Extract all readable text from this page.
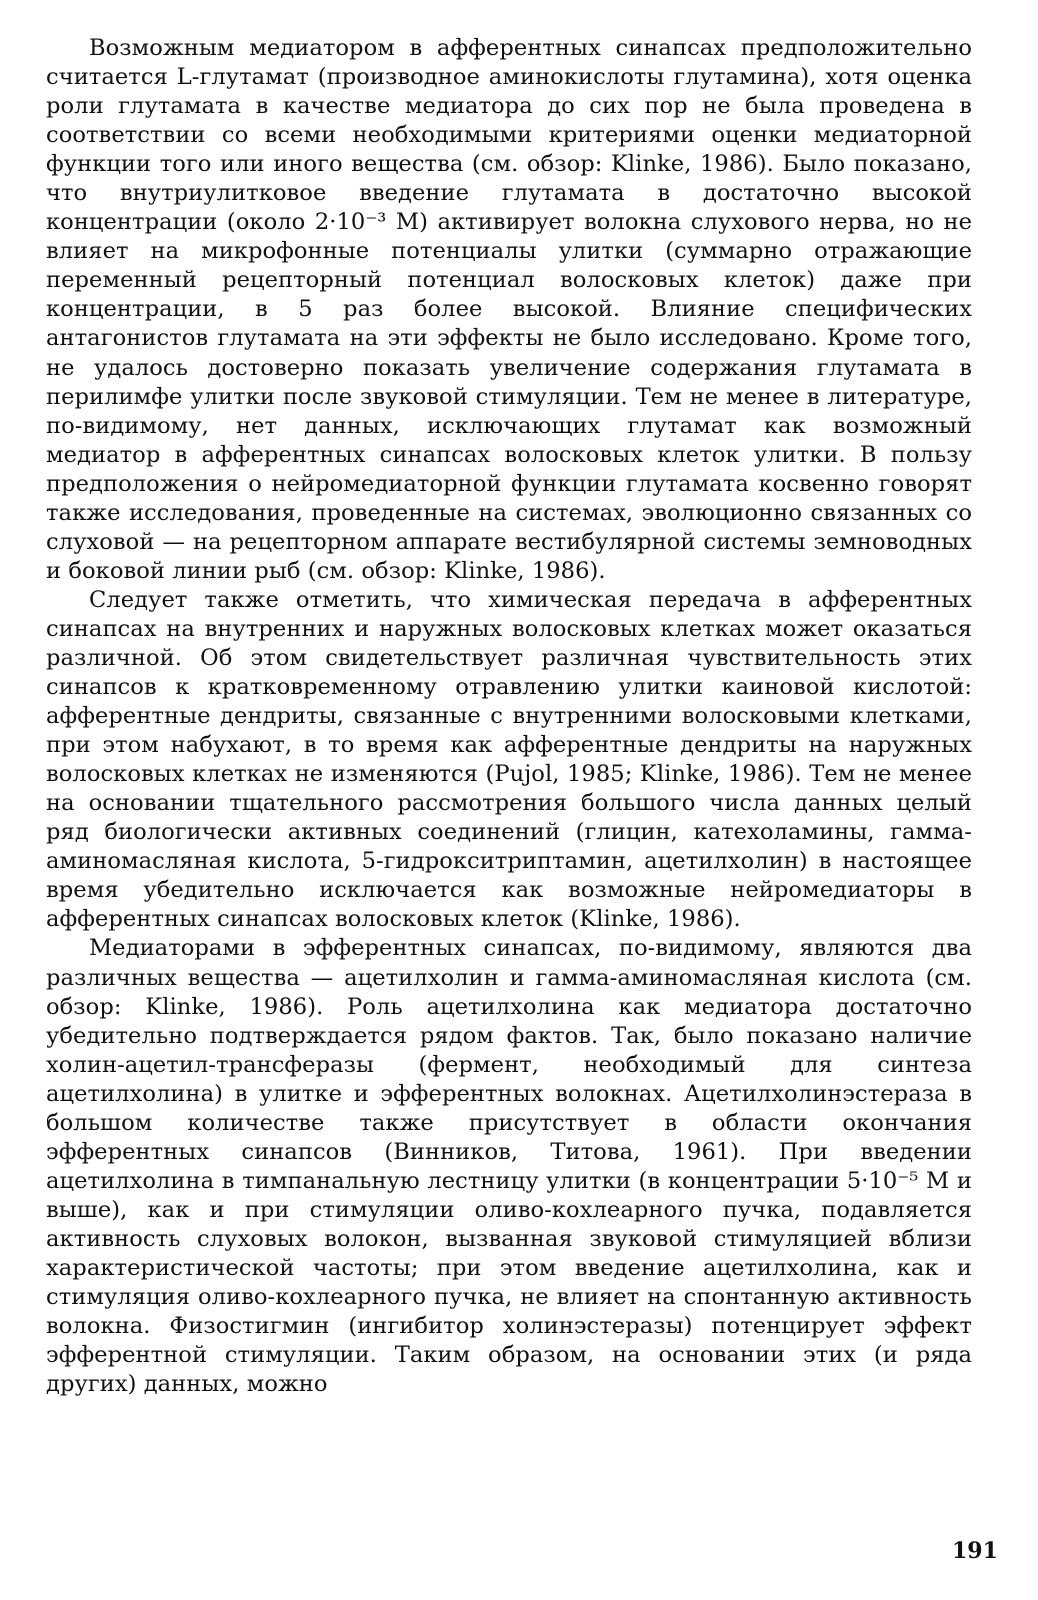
Возможным медиатором в афферентных синапсах предположительно считается L-глутамат (производное аминокислоты глутамина), хотя оценка роли глутамата в качестве медиатора до сих пор не была проведена в соответствии со всеми необходимыми критериями оценки медиаторной функции того или иного вещества (см. обзор: Klinke, 1986). Было показано, что внутриулитковое введение глутамата в достаточно высокой концентрации (около 2·10⁻³ М) активирует волокна слухового нерва, но не влияет на микрофонные потенциалы улитки (суммарно отражающие переменный рецепторный потенциал волосковых клеток) даже при концентрации, в 5 раз более высокой. Влияние специфических антагонистов глутамата на эти эффекты не было исследовано. Кроме того, не удалось достоверно показать увеличение содержания глутамата в перилимфе улитки после звуковой стимуляции. Тем не менее в литературе, по-видимому, нет данных, исключающих глутамат как возможный медиатор в афферентных синапсах волосковых клеток улитки. В пользу предположения о нейромедиаторной функции глутамата косвенно говорят также исследования, проведенные на системах, эволюционно связанных со слуховой — на рецепторном аппарате вестибулярной системы земноводных и боковой линии рыб (см. обзор: Klinke, 1986).

Следует также отметить, что химическая передача в афферентных синапсах на внутренних и наружных волосковых клетках может оказаться различной. Об этом свидетельствует различная чувствительность этих синапсов к кратковременному отравлению улитки каиновой кислотой: афферентные дендриты, связанные с внутренними волосковыми клетками, при этом набухают, в то время как афферентные дендриты на наружных волосковых клетках не изменяются (Pujol, 1985; Klinke, 1986). Тем не менее на основании тщательного рассмотрения большого числа данных целый ряд биологически активных соединений (глицин, катехоламины, гамма-аминомасляная кислота, 5-гидрокситриптамин, ацетилхолин) в настоящее время убедительно исключается как возможные нейромедиаторы в афферентных синапсах волосковых клеток (Klinke, 1986).

Медиаторами в эфферентных синапсах, по-видимому, являются два различных вещества — ацетилхолин и гамма-аминомасляная кислота (см. обзор: Klinke, 1986). Роль ацетилхолина как медиатора достаточно убедительно подтверждается рядом фактов. Так, было показано наличие холин-ацетил-трансферазы (фермент, необходимый для синтеза ацетилхолина) в улитке и эфферентных волокнах. Ацетилхолинэстераза в большом количестве также присутствует в области окончания эфферентных синапсов (Винников, Титова, 1961). При введении ацетилхолина в тимпанальную лестницу улитки (в концентрации 5·10⁻⁵ М и выше), как и при стимуляции оливо-кохлеарного пучка, подавляется активность слуховых волокон, вызванная звуковой стимуляцией вблизи характеристической частоты; при этом введение ацетилхолина, как и стимуляция оливо-кохлеарного пучка, не влияет на спонтанную активность волокна. Физостигмин (ингибитор холинэстеразы) потенцирует эффект эфферентной стимуляции. Таким образом, на основании этих (и ряда других) данных, можно

191
